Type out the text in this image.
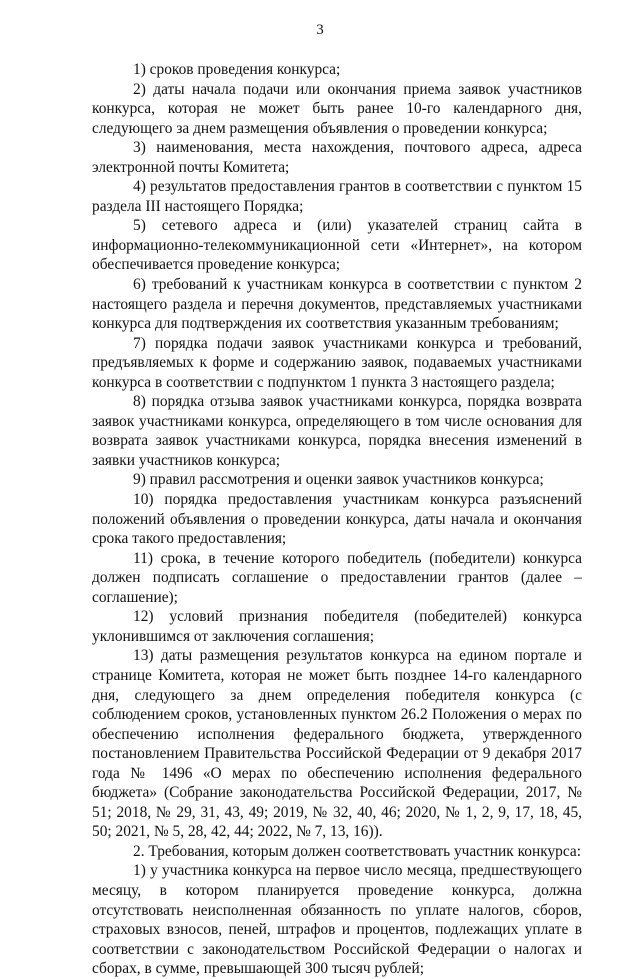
3

1) сроков проведения конкурса;

2) даты начала подачи или окончания приема заявок участников конкурса, которая не может быть ранее 10-го календарного дня, следующего за днем размещения объявления о проведении конкурса;

3) наименования, места нахождения, почтового адреса, адреса электронной почты Комитета;

4) результатов предоставления грантов в соответствии с пунктом 15 раздела III настоящего Порядка;

5) сетевого адреса и (или) указателей страниц сайта в информационно-телекоммуникационной сети «Интернет», на котором обеспечивается проведение конкурса;

6) требований к участникам конкурса в соответствии с пунктом 2 настоящего раздела и перечня документов, представляемых участниками конкурса для подтверждения их соответствия указанным требованиям;

7) порядка подачи заявок участниками конкурса и требований, предъявляемых к форме и содержанию заявок, подаваемых участниками конкурса в соответствии с подпунктом 1 пункта 3 настоящего раздела;

8) порядка отзыва заявок участниками конкурса, порядка возврата заявок участниками конкурса, определяющего в том числе основания для возврата заявок участниками конкурса, порядка внесения изменений в заявки участников конкурса;

9) правил рассмотрения и оценки заявок участников конкурса;

10) порядка предоставления участникам конкурса разъяснений положений объявления о проведении конкурса, даты начала и окончания срока такого предоставления;

11) срока, в течение которого победитель (победители) конкурса должен подписать соглашение о предоставлении грантов (далее – соглашение);

12) условий признания победителя (победителей) конкурса уклонившимся от заключения соглашения;

13) даты размещения результатов конкурса на едином портале и странице Комитета, которая не может быть позднее 14-го календарного дня, следующего за днем определения победителя конкурса (с соблюдением сроков, установленных пунктом 26.2 Положения о мерах по обеспечению исполнения федерального бюджета, утвержденного постановлением Правительства Российской Федерации от 9 декабря 2017 года № 1496 «О мерах по обеспечению исполнения федерального бюджета» (Собрание законодательства Российской Федерации, 2017, № 51; 2018, № 29, 31, 43, 49; 2019, № 32, 40, 46; 2020, № 1, 2, 9, 17, 18, 45, 50; 2021, № 5, 28, 42, 44; 2022, № 7, 13, 16)).

2. Требования, которым должен соответствовать участник конкурса:

1) у участника конкурса на первое число месяца, предшествующего месяцу, в котором планируется проведение конкурса, должна отсутствовать неисполненная обязанность по уплате налогов, сборов, страховых взносов, пеней, штрафов и процентов, подлежащих уплате в соответствии с законодательством Российской Федерации о налогах и сборах, в сумме, превышающей 300 тысяч рублей;
